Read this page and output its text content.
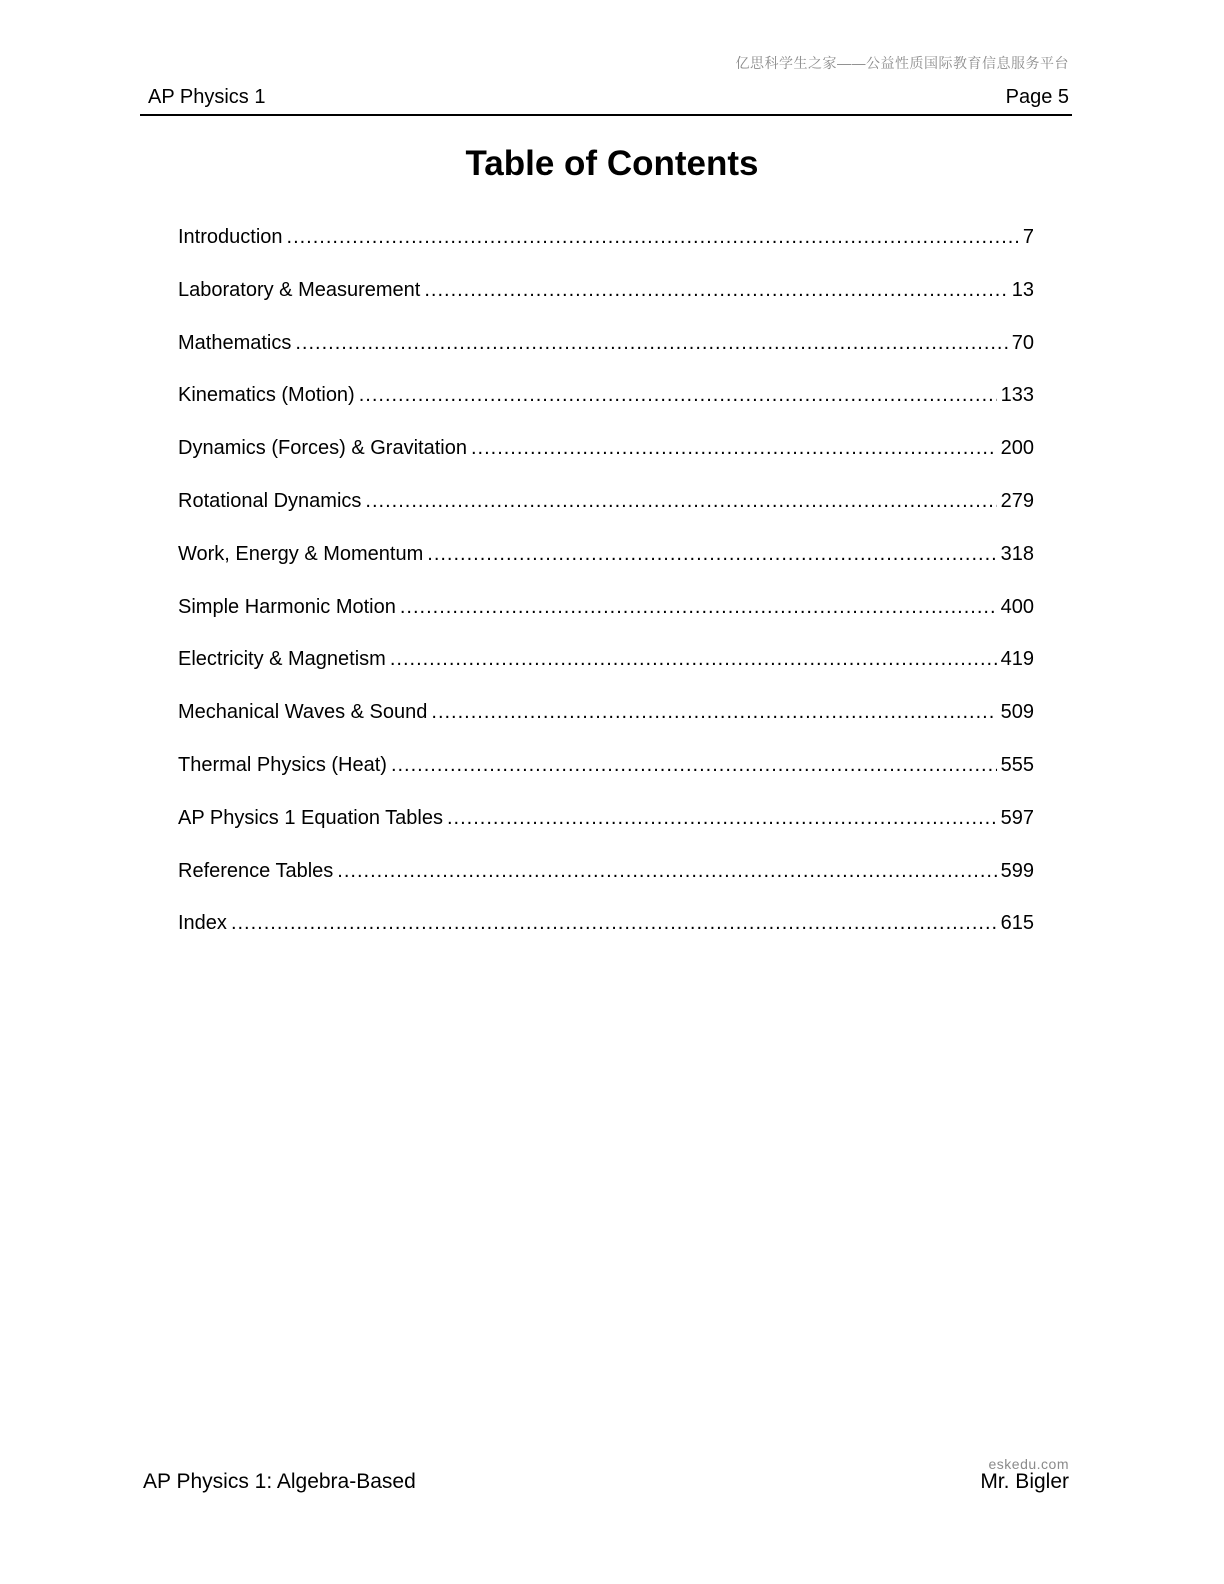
亿思科学生之家——公益性质国际教育信息服务平台
AP Physics 1	Page 5
Table of Contents
Introduction .....	7
Laboratory & Measurement .....	13
Mathematics .....	70
Kinematics (Motion) .....	133
Dynamics (Forces) & Gravitation .....	200
Rotational Dynamics .....	279
Work, Energy & Momentum .....	318
Simple Harmonic Motion .....	400
Electricity & Magnetism .....	419
Mechanical Waves & Sound .....	509
Thermal Physics (Heat) .....	555
AP Physics 1 Equation Tables .....	597
Reference Tables .....	599
Index .....	615
AP Physics 1: Algebra-Based
eskedu.com
Mr. Bigler
